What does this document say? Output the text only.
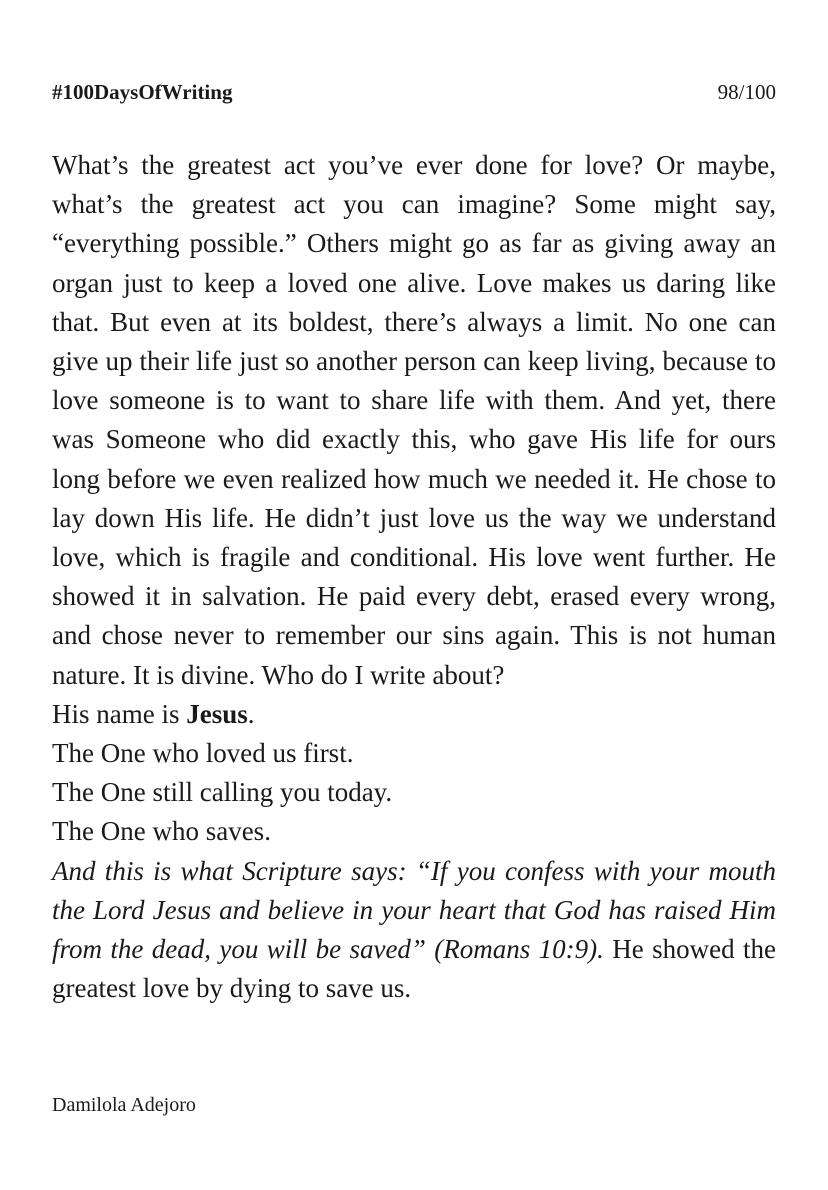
#100DaysOfWriting	98/100

What’s the greatest act you’ve ever done for love? Or maybe, what’s the greatest act you can imagine? Some might say, “everything possible.” Others might go as far as giving away an organ just to keep a loved one alive. Love makes us daring like that. But even at its boldest, there’s always a limit. No one can give up their life just so another person can keep living, because to love someone is to want to share life with them. And yet, there was Someone who did exactly this, who gave His life for ours long before we even realized how much we needed it. He chose to lay down His life. He didn’t just love us the way we understand love, which is fragile and conditional. His love went further. He showed it in salvation. He paid every debt, erased every wrong, and chose never to remember our sins again. This is not human nature. It is divine. Who do I write about?

His name is Jesus.

The One who loved us first.

The One still calling you today.

The One who saves.

And this is what Scripture says: “If you confess with your mouth the Lord Jesus and believe in your heart that God has raised Him from the dead, you will be saved” (Romans 10:9). He showed the greatest love by dying to save us.

Damilola Adejoro
